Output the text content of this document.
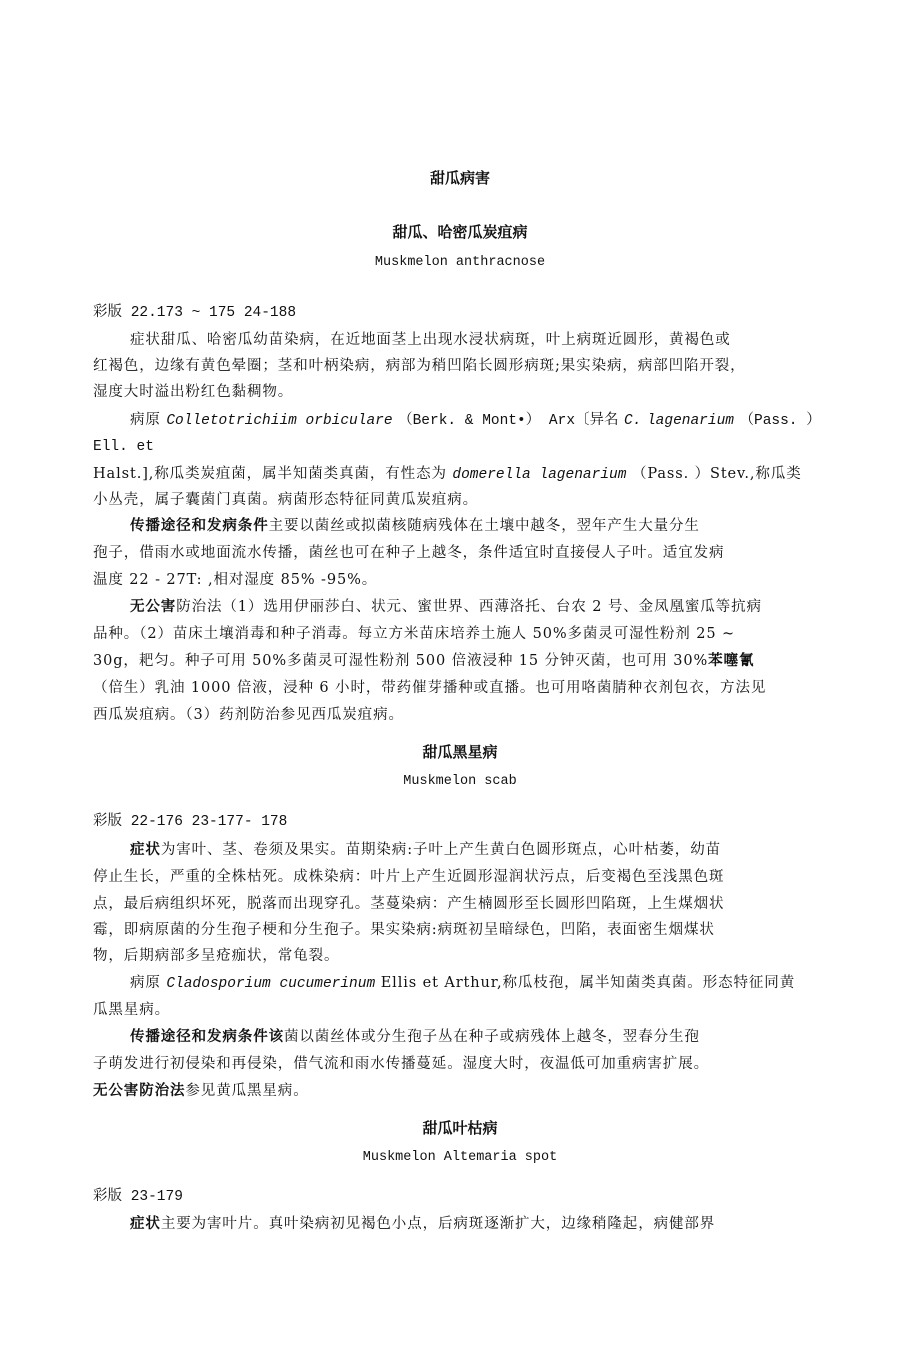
甜瓜病害
甜瓜、哈密瓜炭疽病
Muskmelon anthracnose
彩版 22.173 ~ 175 24-188
症状甜瓜、哈密瓜幼苗染病，在近地面茎上出现水浸状病斑，叶上病斑近圆形，黄褐色或
红褐色，边缘有黄色晕圈；茎和叶柄染病，病部为稍凹陷长圆形病斑;果实染病，病部凹陷开裂，
湿度大时溢出粉红色黏稠物。
病原 Colletotrichiim orbiculare （Berk. & Mont•） Arx〔异名 C. lagenarium （Pass. ）
Ell. et
Halst.],称瓜类炭疽菌，属半知菌类真菌，有性态为 domerella lagenarium （Pass. ）Stev.,称瓜类
小丛壳，属子囊菌门真菌。病菌形态特征同黄瓜炭疽病。
传播途径和发病条件主要以菌丝或拟菌核随病残体在土壤中越冬，翌年产生大量分生
孢子，借雨水或地面流水传播，菌丝也可在种子上越冬，条件适宜时直接侵人子叶。适宜发病
温度 22 - 27T: ,相对湿度 85% -95%。
无公害防治法（1）选用伊丽莎白、状元、蜜世界、西薄洛托、台农 2 号、金凤凰蜜瓜等抗病
品种。（2）苗床土壤消毒和种子消毒。每立方米苗床培养土施人 50%多菌灵可湿性粉剂 25 ~
30g，耙匀。种子可用 50%多菌灵可湿性粉剂 500 倍液浸种 15 分钟灭菌，也可用 30%苯噻氰
（倍生）乳油 1000 倍液，浸种 6 小时，带药催芽播种或直播。也可用咯菌腈种衣剂包衣，方法见
西瓜炭疽病。（3）药剂防治参见西瓜炭疽病。
甜瓜黑星病
Muskmelon scab
彩版 22-176 23-177- 178
症状为害叶、茎、卷须及果实。苗期染病:子叶上产生黄白色圆形斑点，心叶枯萎，幼苗
停止生长，严重的全株枯死。成株染病：叶片上产生近圆形湿润状污点，后变褐色至浅黑色斑
点，最后病组织坏死，脱落而出现穿孔。茎蔓染病：产生楠圆形至长圆形凹陷斑，上生煤烟状
霉，即病原菌的分生孢子梗和分生孢子。果实染病:病斑初呈暗绿色，凹陷，表面密生烟煤状
物，后期病部多呈疮痂状，常龟裂。
病原 Cladosporium cucumerinum Ellis et Arthur,称瓜枝孢，属半知菌类真菌。形态特征同黄
瓜黑星病。
传播途径和发病条件该菌以菌丝体或分生孢子丛在种子或病残体上越冬，翌春分生孢
子萌发进行初侵染和再侵染，借气流和雨水传播蔓延。湿度大时，夜温低可加重病害扩展。
无公害防治法参见黄瓜黑星病。
甜瓜叶枯病
Muskmelon Altemaria spot
彩版 23-179
症状主要为害叶片。真叶染病初见褐色小点，后病斑逐渐扩大，边缘稍隆起，病健部界
